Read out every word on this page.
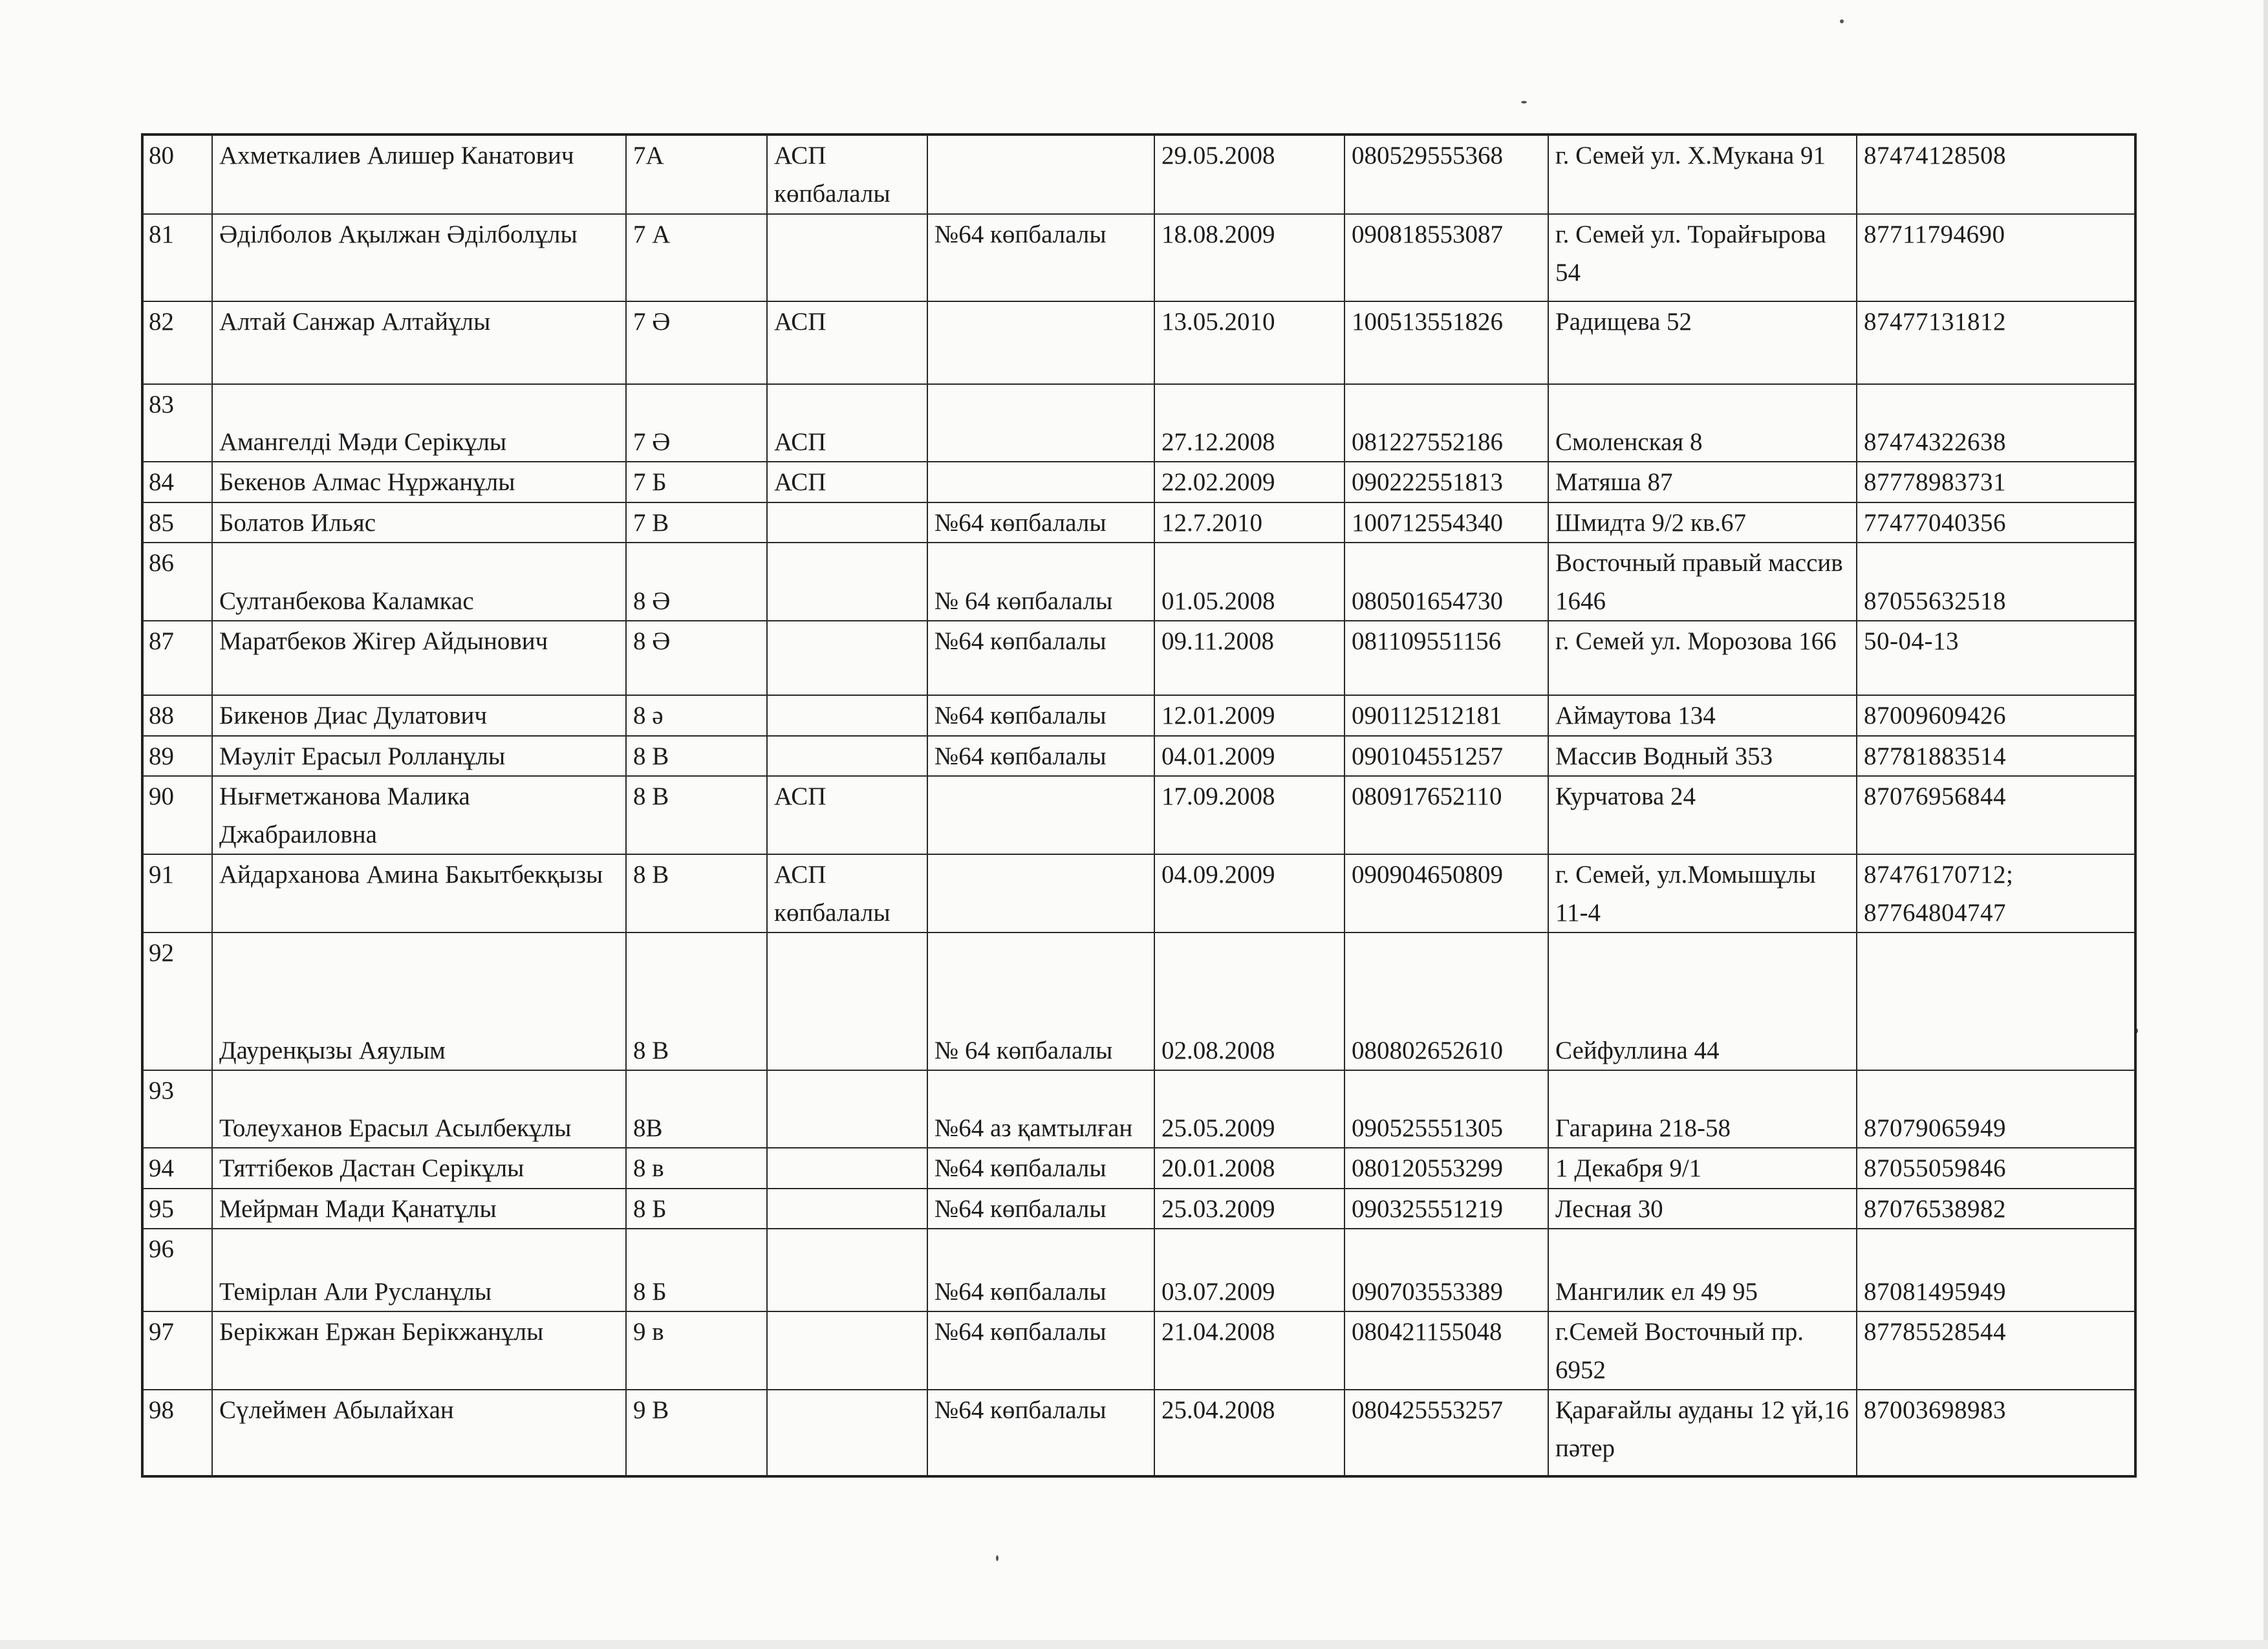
80	Ахметкалиев Алишер Канатович	7А	АСП көпбалалы		29.05.2008	080529555368	г. Семей ул. Х.Мукана 91	87474128508
81	Әділболов Ақылжан Әділболұлы	7 А		№64 көпбалалы	18.08.2009	090818553087	г. Семей ул. Торайғырова 54	87711794690
82	Алтай Санжар Алтайұлы	7 Ә	АСП		13.05.2010	100513551826	Радищева 52	87477131812
83	Амангелді Мәди Серікұлы	7 Ә	АСП		27.12.2008	081227552186	Смоленская 8	87474322638
84	Бекенов Алмас Нұржанұлы	7 Б	АСП		22.02.2009	090222551813	Матяша 87	87778983731
85	Болатов Ильяс	7 В		№64 көпбалалы	12.7.2010	100712554340	Шмидта 9/2 кв.67	77477040356
86	Султанбекова Каламкас	8 Ә		№ 64 көпбалалы	01.05.2008	080501654730	Восточный правый массив 1646	87055632518
87	Маратбеков Жігер Айдынович	8 Ә		№64 көпбалалы	09.11.2008	081109551156	г. Семей ул. Морозова 166	50-04-13
88	Бикенов Диас Дулатович	8 ә		№64 көпбалалы	12.01.2009	090112512181	Аймаутова 134	87009609426
89	Мәуліт Ерасыл Ролланұлы	8 В		№64 көпбалалы	04.01.2009	090104551257	Массив Водный 353	87781883514
90	Нығметжанова Малика Джабраиловна	8 В	АСП		17.09.2008	080917652110	Курчатова 24	87076956844
91	Айдарханова Амина Бакытбекқызы	8 В	АСП көпбалалы		04.09.2009	090904650809	г. Семей, ул.Момышұлы 11-4	87476170712; 87764804747
92	Дауренқызы Аяулым	8 В		№ 64 көпбалалы	02.08.2008	080802652610	Сейфуллина 44	
93	Толеуханов Ерасыл Асылбекұлы	8В		№64 аз қамтылған	25.05.2009	090525551305	Гагарина 218-58	87079065949
94	Тяттібеков Дастан Серікұлы	8 в		№64 көпбалалы	20.01.2008	080120553299	1 Декабря 9/1	87055059846
95	Мейрман Мади Қанатұлы	8 Б		№64 көпбалалы	25.03.2009	090325551219	Лесная 30	87076538982
96	Темірлан Али Русланұлы	8 Б		№64 көпбалалы	03.07.2009	090703553389	Мангилик ел 49 95	87081495949
97	Берікжан Ержан Берікжанұлы	9 в		№64 көпбалалы	21.04.2008	080421155048	г.Семей Восточный пр. 6952	87785528544
98	Сүлеймен Абылайхан	9 В		№64 көпбалалы	25.04.2008	080425553257	Қарағайлы ауданы 12 үй,16 пәтер	87003698983
